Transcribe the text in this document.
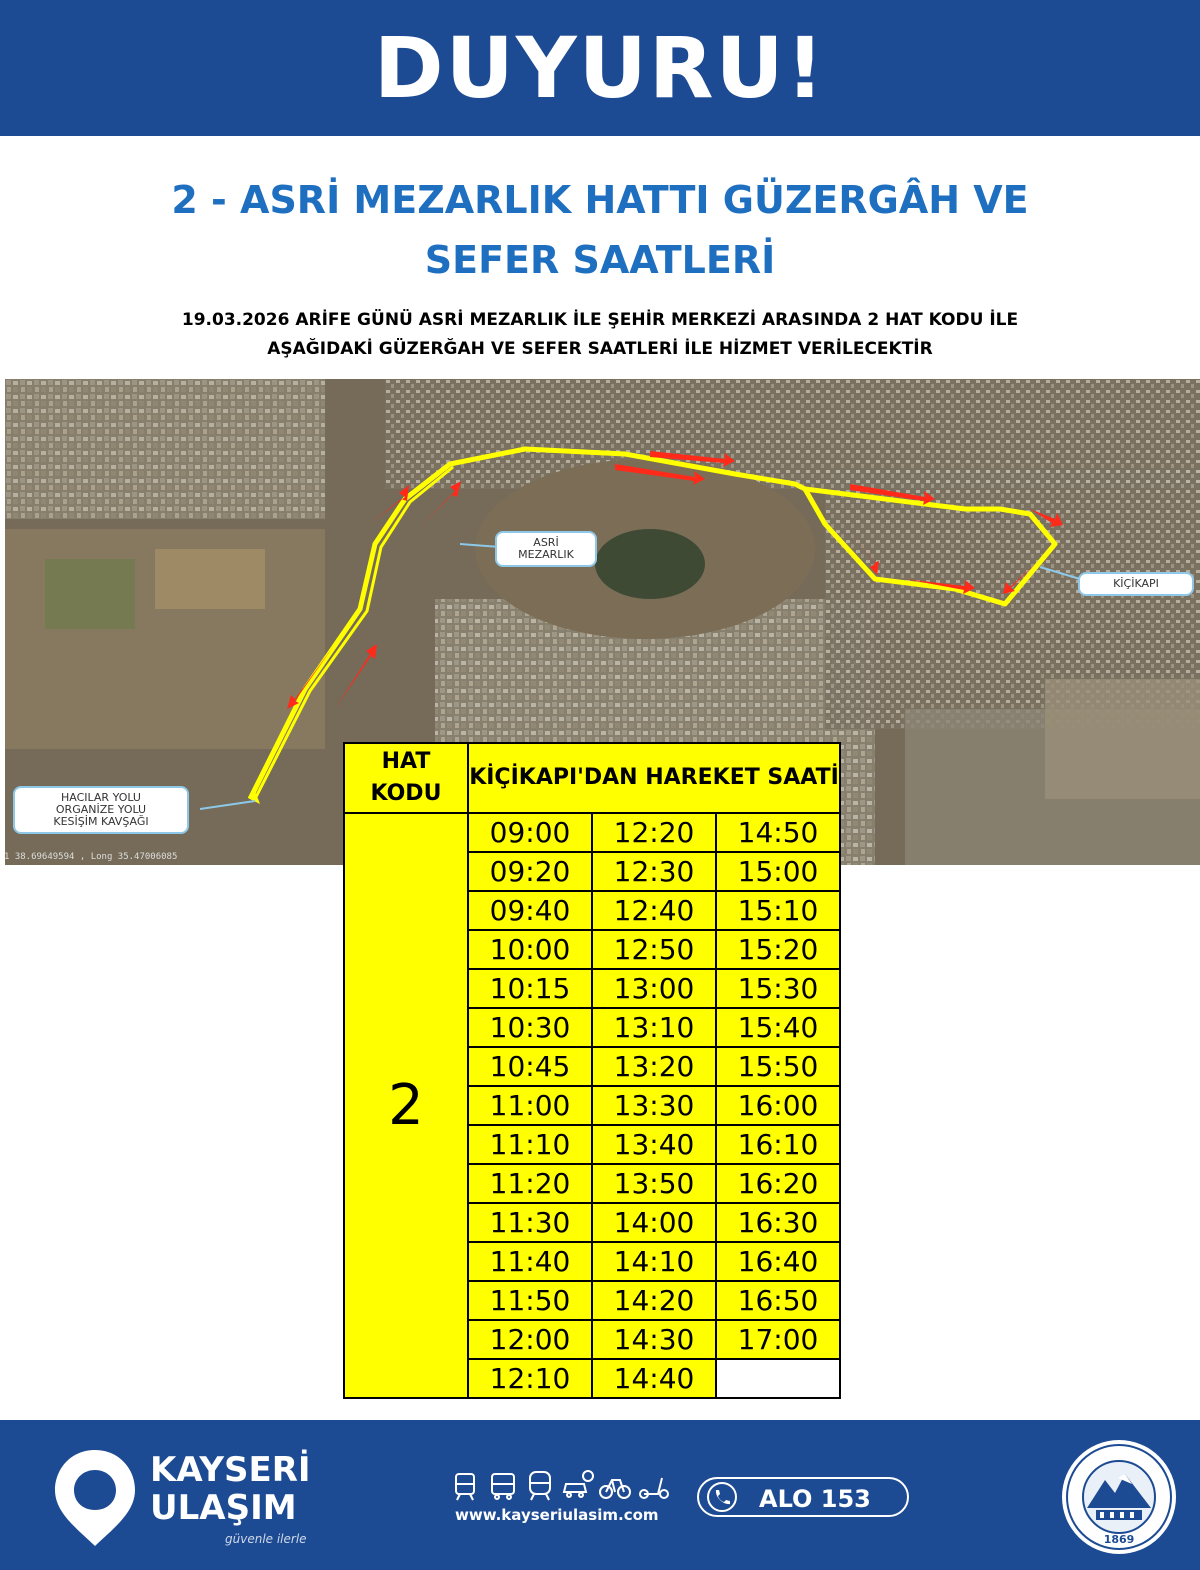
DUYURU!
2 - ASRİ MEZARLIK HATTI GÜZERGÂH VE
SEFER SAATLERİ
19.03.2026 ARİFE GÜNÜ ASRİ MEZARLIK İLE ŞEHİR MERKEZİ ARASINDA 2 HAT KODU İLE
AŞAĞIDAKİ GÜZERĞAH VE SEFER SAATLERİ İLE HİZMET VERİLECEKTİR
ASRİ
MEZARLIK
KİÇİKAPI
HACILAR YOLU
ORGANİZE YOLU
KESİŞİM KAVŞAĞI
1 38.69649594 , Long 35.47006085
HAT KODU	KİÇİKAPI'DAN HAREKET SAATİ		
2	09:00	12:20	14:50
	09:20	12:30	15:00
	09:40	12:40	15:10
	10:00	12:50	15:20
	10:15	13:00	15:30
	10:30	13:10	15:40
	10:45	13:20	15:50
	11:00	13:30	16:00
	11:10	13:40	16:10
	11:20	13:50	16:20
	11:30	14:00	16:30
	11:40	14:10	16:40
	11:50	14:20	16:50
	12:00	14:30	17:00
	12:10	14:40	
KAYSERİ
ULAŞIM
güvenle ilerle
www.kayseriulasim.com
ALO 153
1869
